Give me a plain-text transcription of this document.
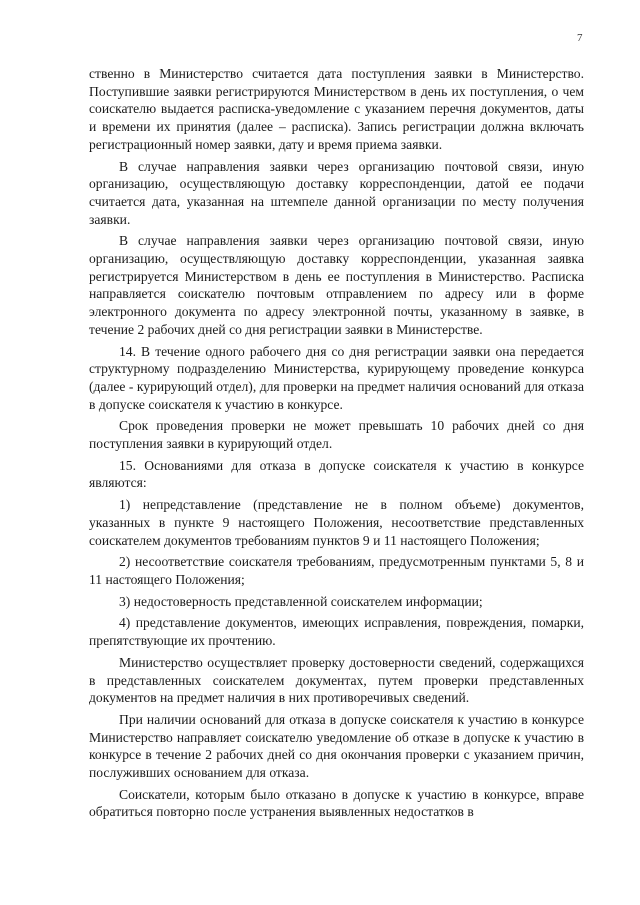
7

ственно в Министерство считается дата поступления заявки в Министерство. Поступившие заявки регистрируются Министерством в день их поступления, о чем соискателю выдается расписка-уведомление с указанием перечня документов, даты и времени их принятия (далее – расписка). Запись регистрации должна включать регистрационный номер заявки, дату и время приема заявки.

В случае направления заявки через организацию почтовой связи, иную организацию, осуществляющую доставку корреспонденции, датой ее подачи считается дата, указанная на штемпеле данной организации по месту получения заявки.

В случае направления заявки через организацию почтовой связи, иную организацию, осуществляющую доставку корреспонденции, указанная заявка регистрируется Министерством в день ее поступления в Министерство. Расписка направляется соискателю почтовым отправлением по адресу или в форме электронного документа по адресу электронной почты, указанному в заявке, в течение 2 рабочих дней со дня регистрации заявки в Министерстве.

14. В течение одного рабочего дня со дня регистрации заявки она передается структурному подразделению Министерства, курирующему проведение конкурса (далее - курирующий отдел), для проверки на предмет наличия оснований для отказа в допуске соискателя к участию в конкурсе.

Срок проведения проверки не может превышать 10 рабочих дней со дня поступления заявки в курирующий отдел.

15. Основаниями для отказа в допуске соискателя к участию в конкурсе являются:

1) непредставление (представление не в полном объеме) документов, указанных в пункте 9 настоящего Положения, несоответствие представленных соискателем документов требованиям пунктов 9 и 11 настоящего Положения;

2) несоответствие соискателя требованиям, предусмотренным пунктами 5, 8 и 11 настоящего Положения;

3) недостоверность представленной соискателем информации;

4) представление документов, имеющих исправления, повреждения, помарки, препятствующие их прочтению.

Министерство осуществляет проверку достоверности сведений, содержащихся в представленных соискателем документах, путем проверки представленных документов на предмет наличия в них противоречивых сведений.

При наличии оснований для отказа в допуске соискателя к участию в конкурсе Министерство направляет соискателю уведомление об отказе в допуске к участию в конкурсе в течение 2 рабочих дней со дня окончания проверки с указанием причин, послуживших основанием для отказа.

Соискатели, которым было отказано в допуске к участию в конкурсе, вправе обратиться повторно после устранения выявленных недостатков в
